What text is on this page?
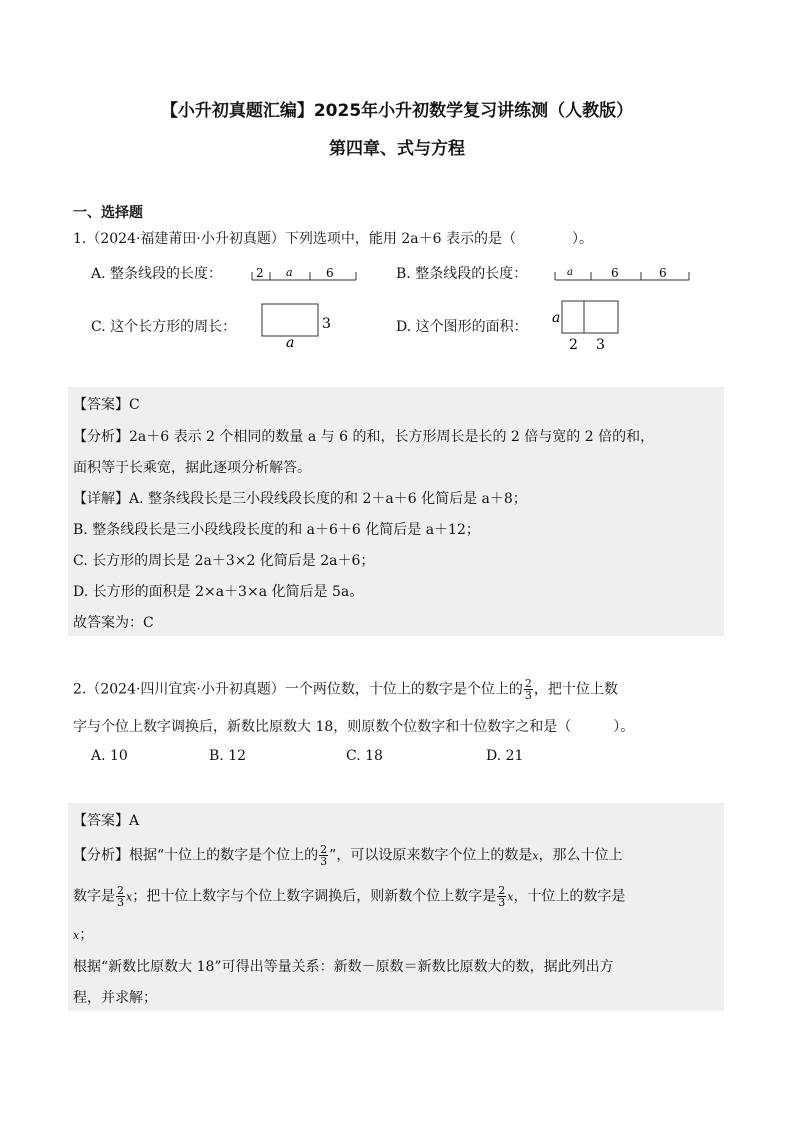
【小升初真题汇编】2025年小升初数学复习讲练测（人教版）
第四章、式与方程
一、选择题
1.（2024·福建莆田·小升初真题）下列选项中，能用 2a＋6 表示的是（　　　　）。
A. 整条线段的长度：	2 a	6	B. 整条线段的长度：	a	6	6
C. 这个长方形的周长：	3
a
D. 这个图形的面积：
a
2 3
【答案】C
【分析】2a＋6 表示 2 个相同的数量 a 与 6 的和，长方形周长是长的 2 倍与宽的 2 倍的和，
面积等于长乘宽，据此逐项分析解答。
【详解】A. 整条线段长是三小段线段长度的和 2＋a＋6 化简后是 a＋8；
B. 整条线段长是三小段线段长度的和 a＋6＋6 化简后是 a＋12；
C. 长方形的周长是 2a＋3×2 化简后是 2a＋6；
D. 长方形的面积是 2×a＋3×a 化简后是 5a。
故答案为：C
2.（2024·四川宜宾·小升初真题）一个两位数，十位上的数字是个位上的 $\frac{2}{3}$ ，把十位上数
字与个位上数字调换后，新数比原数大 18，则原数个位数字和十位数字之和是（　　　）。
A. 10	B. 12	C. 18	D. 21
【答案】A
【分析】根据“十位上的数字是个位上的 $\frac{2}{3}$ ”，可以设原来数字个位上的数是x，那么十位上
数字是 $\frac{2}{3}$ x；把十位上数字与个位上数字调换后，则新数个位上数字是 $\frac{2}{3}$ x，十位上的数字是
x；
根据“新数比原数大 18”可得出等量关系：新数－原数＝新数比原数大的数，据此列出方
程，并求解；
